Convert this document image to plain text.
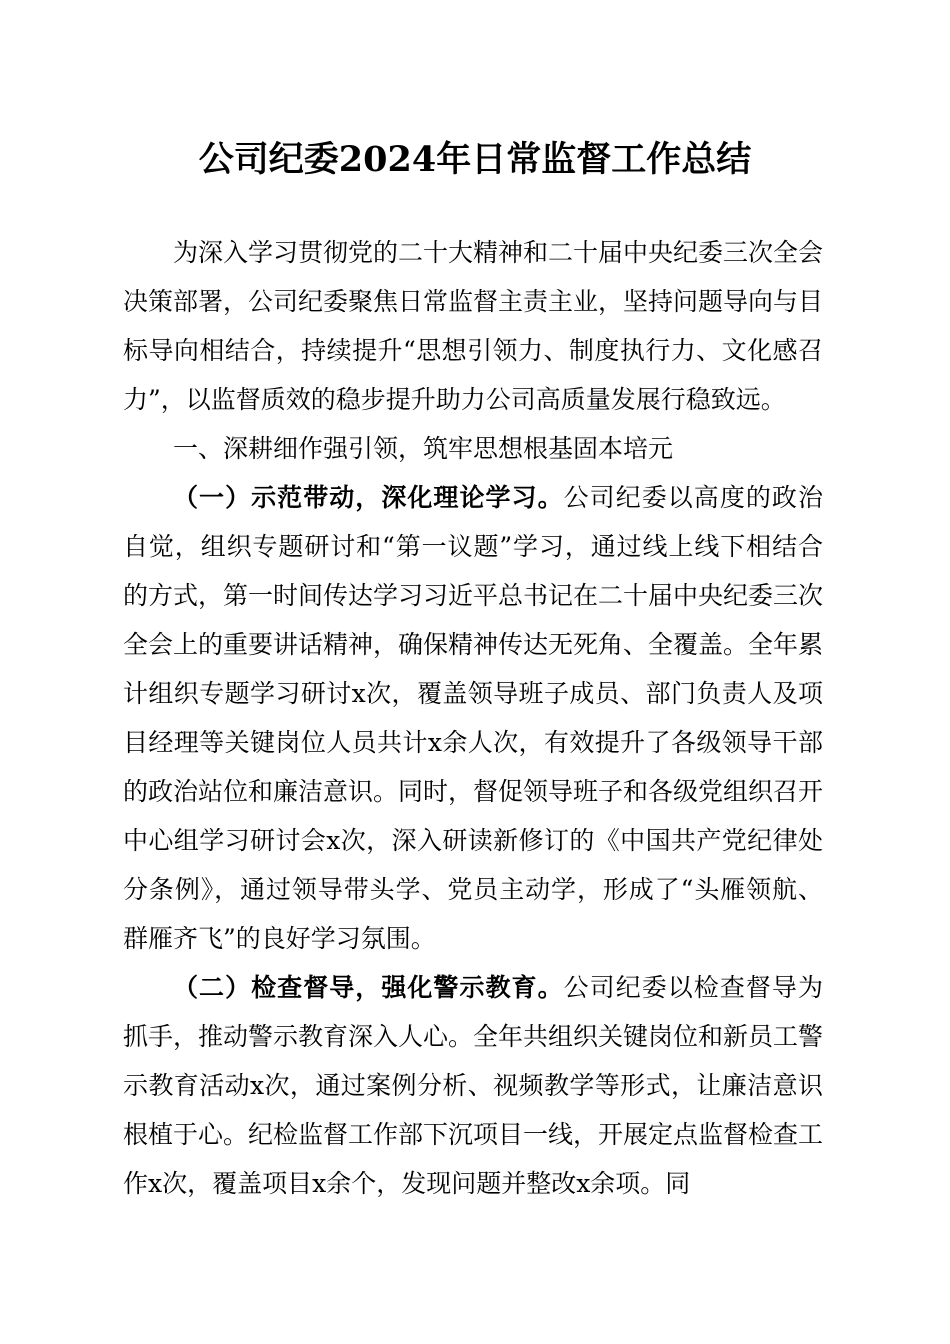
公司纪委2024年日常监督工作总结

为深入学习贯彻党的二十大精神和二十届中央纪委三次全会决策部署，公司纪委聚焦日常监督主责主业，坚持问题导向与目标导向相结合，持续提升“思想引领力、制度执行力、文化感召力”，以监督质效的稳步提升助力公司高质量发展行稳致远。

一、深耕细作强引领，筑牢思想根基固本培元

（一）示范带动，深化理论学习。公司纪委以高度的政治自觉，组织专题研讨和“第一议题”学习，通过线上线下相结合的方式，第一时间传达学习习近平总书记在二十届中央纪委三次全会上的重要讲话精神，确保精神传达无死角、全覆盖。全年累计组织专题学习研讨x次，覆盖领导班子成员、部门负责人及项目经理等关键岗位人员共计x余人次，有效提升了各级领导干部的政治站位和廉洁意识。同时，督促领导班子和各级党组织召开中心组学习研讨会x次，深入研读新修订的《中国共产党纪律处分条例》，通过领导带头学、党员主动学，形成了“头雁领航、群雁齐飞”的良好学习氛围。

（二）检查督导，强化警示教育。公司纪委以检查督导为抓手，推动警示教育深入人心。全年共组织关键岗位和新员工警示教育活动x次，通过案例分析、视频教学等形式，让廉洁意识根植于心。纪检监督工作部下沉项目一线，开展定点监督检查工作x次，覆盖项目x余个，发现问题并整改x余项。同
